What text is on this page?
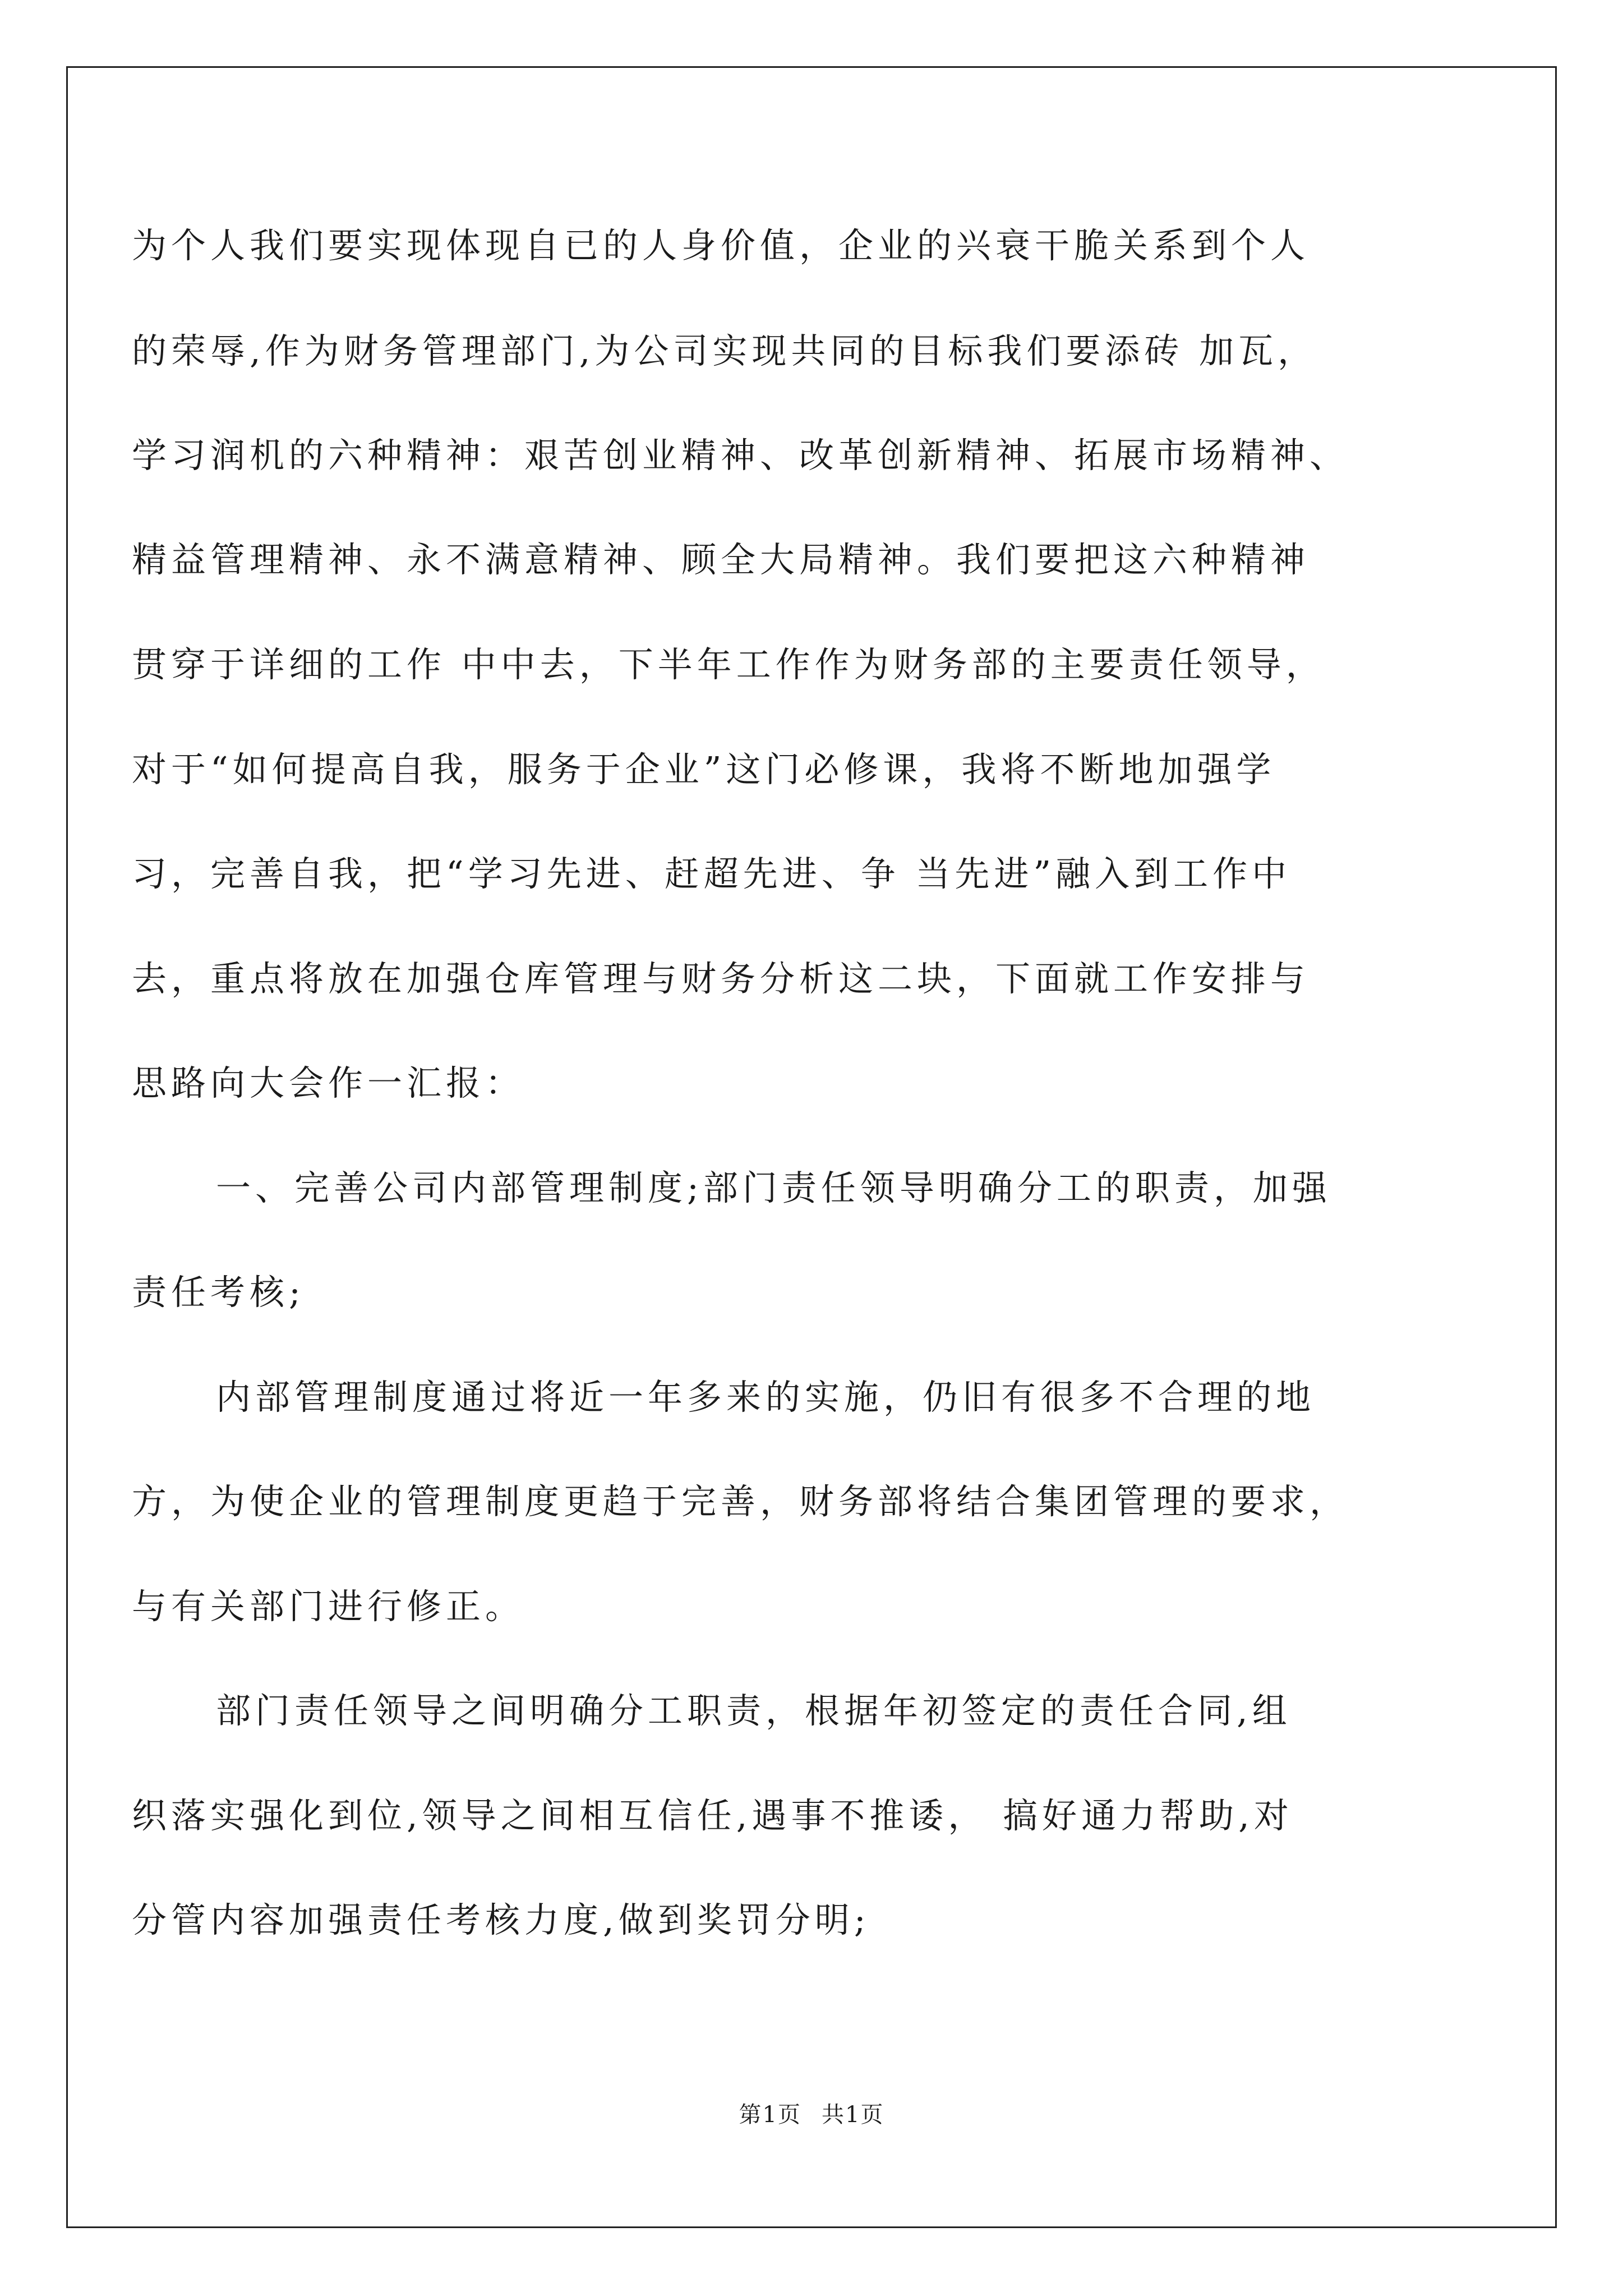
为个人我们要实现体现自已的人身价值，企业的兴衰干脆关系到个人
的荣辱,作为财务管理部门,为公司实现共同的目标我们要添砖 加瓦，
学习润机的六种精神：艰苦创业精神、改革创新精神、拓展市场精神、
精益管理精神、永不满意精神、顾全大局精神。我们要把这六种精神
贯穿于详细的工作 中中去，下半年工作作为财务部的主要责任领导，
对于“如何提高自我，服务于企业”这门必修课，我将不断地加强学
习，完善自我，把“学习先进、赶超先进、争 当先进”融入到工作中
去，重点将放在加强仓库管理与财务分析这二块，下面就工作安排与
思路向大会作一汇报：
一、完善公司内部管理制度;部门责任领导明确分工的职责，加强
责任考核;
内部管理制度通过将近一年多来的实施，仍旧有很多不合理的地
方，为使企业的管理制度更趋于完善，财务部将结合集团管理的要求，
与有关部门进行修正。
部门责任领导之间明确分工职责，根据年初签定的责任合同,组
织落实强化到位,领导之间相互信任,遇事不推诿， 搞好通力帮助,对
分管内容加强责任考核力度,做到奖罚分明;
第1页 共1页
